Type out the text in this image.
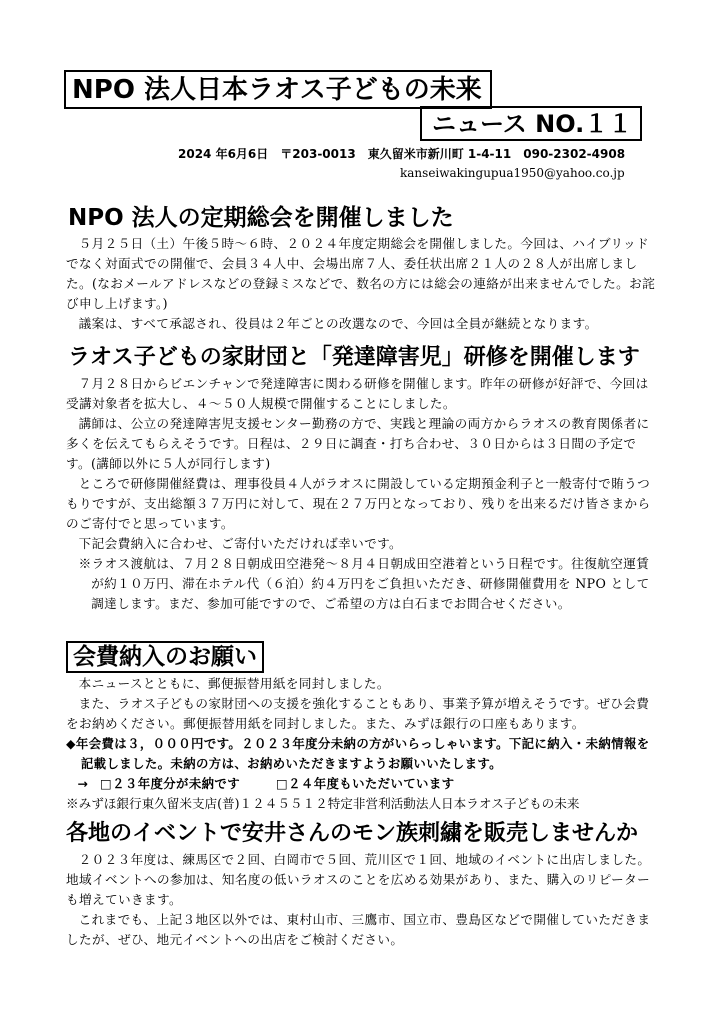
NPO 法人日本ラオス子どもの未来
ニュース NO.１１
2024 年6月6日　〒203-0013　東久留米市新川町 1-4-11　090-2302-4908
kanseiwakingupua1950@yahoo.co.jp
NPO 法人の定期総会を開催しました
５月２５日（土）午後５時～６時、２０２４年度定期総会を開催しました。今回は、ハイブリッドでなく対面式での開催で、会員３４人中、会場出席７人、委任状出席２１人の２８人が出席しました。(なおメールアドレスなどの登録ミスなどで、数名の方には総会の連絡が出来ませんでした。お詫び申し上げます。)
議案は、すべて承認され、役員は２年ごとの改選なので、今回は全員が継続となります。
ラオス子どもの家財団と「発達障害児」研修を開催します
７月２８日からビエンチャンで発達障害に関わる研修を開催します。昨年の研修が好評で、今回は受講対象者を拡大し、４～５０人規模で開催することにしました。
講師は、公立の発達障害児支援センター勤務の方で、実践と理論の両方からラオスの教育関係者に多くを伝えてもらえそうです。日程は、２９日に調査・打ち合わせ、３０日からは３日間の予定です。(講師以外に５人が同行します)
ところで研修開催経費は、理事役員４人がラオスに開設している定期預金利子と一般寄付で賄うつもりですが、支出総額３７万円に対して、現在２７万円となっており、残りを出来るだけ皆さまからのご寄付でと思っています。
下記会費納入に合わせ、ご寄付いただければ幸いです。
※ラオス渡航は、７月２８日朝成田空港発～８月４日朝成田空港着という日程です。往復航空運賃が約１０万円、滞在ホテル代（６泊）約４万円をご負担いただき、研修開催費用を NPO として調達します。まだ、参加可能ですので、ご希望の方は白石までお問合せください。
会費納入のお願い
本ニュースとともに、郵便振替用紙を同封しました。
また、ラオス子どもの家財団への支援を強化することもあり、事業予算が増えそうです。ぜひ会費をお納めください。郵便振替用紙を同封しました。また、みずほ銀行の口座もあります。
◆年会費は３，０００円です。２０２３年度分未納の方がいらっしゃいます。下記に納入・未納情報を記載しました。未納の方は、お納めいただきますようお願いいたします。
→ □２３年度分が未納です	□２４年度もいただいています
※みずほ銀行東久留米支店(普)１２４５５１２特定非営利活動法人日本ラオス子どもの未来
各地のイベントで安井さんのモン族刺繍を販売しませんか
２０２３年度は、練馬区で２回、白岡市で５回、荒川区で１回、地域のイベントに出店しました。地域イベントへの参加は、知名度の低いラオスのことを広める効果があり、また、購入のリピーターも増えていきます。
これまでも、上記３地区以外では、東村山市、三鷹市、国立市、豊島区などで開催していただきましたが、ぜひ、地元イベントへの出店をご検討ください。
